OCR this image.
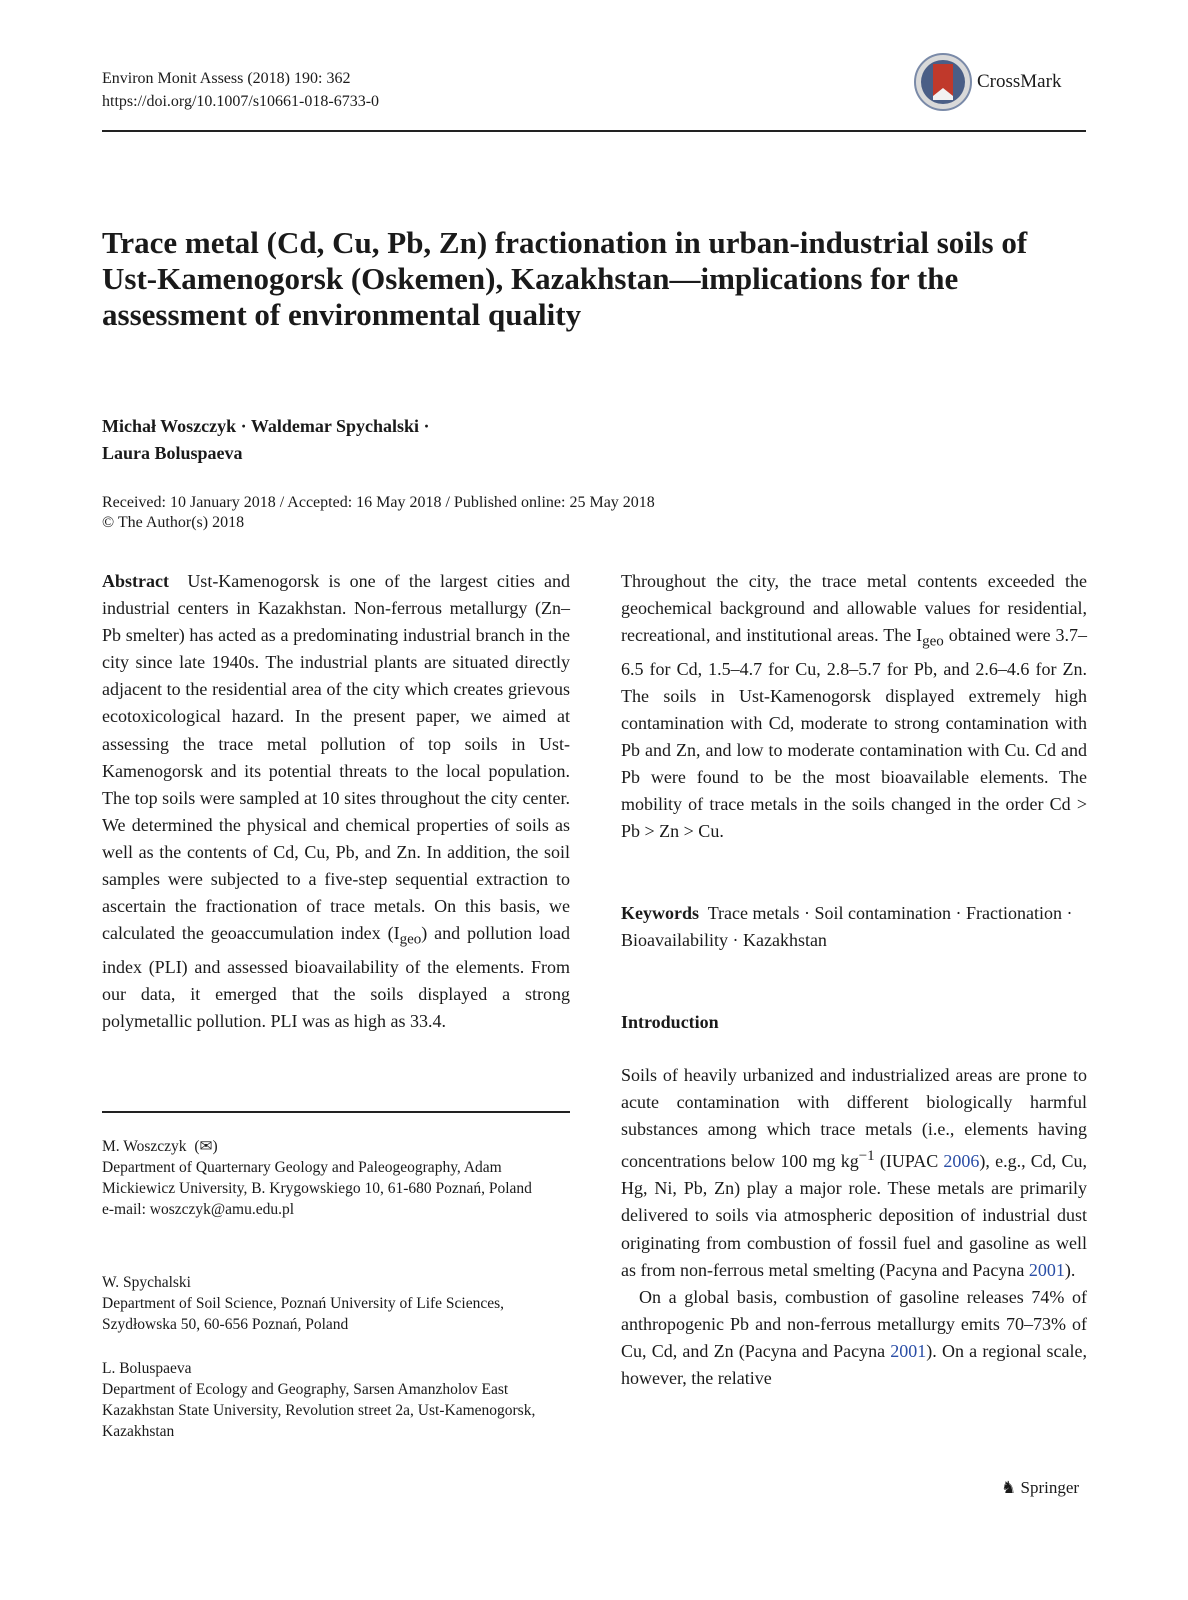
Environ Monit Assess (2018) 190: 362
https://doi.org/10.1007/s10661-018-6733-0
CrossMark
Trace metal (Cd, Cu, Pb, Zn) fractionation in urban-industrial soils of Ust-Kamenogorsk (Oskemen), Kazakhstan—implications for the assessment of environmental quality
Michał Woszczyk · Waldemar Spychalski ·
Laura Boluspaeva
Received: 10 January 2018 / Accepted: 16 May 2018 / Published online: 25 May 2018
© The Author(s) 2018
Abstract Ust-Kamenogorsk is one of the largest cities and industrial centers in Kazakhstan. Non-ferrous metallurgy (Zn–Pb smelter) has acted as a predominating industrial branch in the city since late 1940s. The industrial plants are situated directly adjacent to the residential area of the city which creates grievous ecotoxicological hazard. In the present paper, we aimed at assessing the trace metal pollution of top soils in Ust-Kamenogorsk and its potential threats to the local population. The top soils were sampled at 10 sites throughout the city center. We determined the physical and chemical properties of soils as well as the contents of Cd, Cu, Pb, and Zn. In addition, the soil samples were subjected to a five-step sequential extraction to ascertain the fractionation of trace metals. On this basis, we calculated the geoaccumulation index $(I_{geo})$ and pollution load index (PLI) and assessed bioavailability of the elements. From our data, it emerged that the soils displayed a strong polymetallic pollution. PLI was as high as 33.4.
Throughout the city, the trace metal contents exceeded the geochemical background and allowable values for residential, recreational, and institutional areas. The $I_{geo}$ obtained were 3.7–6.5 for Cd, 1.5–4.7 for Cu, 2.8–5.7 for Pb, and 2.6–4.6 for Zn. The soils in Ust-Kamenogorsk displayed extremely high contamination with Cd, moderate to strong contamination with Pb and Zn, and low to moderate contamination with Cu. Cd and Pb were found to be the most bioavailable elements. The mobility of trace metals in the soils changed in the order Cd > Pb > Zn > Cu.
Keywords Trace metals · Soil contamination · Fractionation · Bioavailability · Kazakhstan
Introduction
Soils of heavily urbanized and industrialized areas are prone to acute contamination with different biologically harmful substances among which trace metals (i.e., elements having concentrations below 100 mg $kg^{-1}$ (IUPAC 2006), e.g., Cd, Cu, Hg, Ni, Pb, Zn) play a major role. These metals are primarily delivered to soils via atmospheric deposition of industrial dust originating from combustion of fossil fuel and gasoline as well as from non-ferrous metal smelting (Pacyna and Pacyna 2001).
On a global basis, combustion of gasoline releases 74% of anthropogenic Pb and non-ferrous metallurgy emits 70–73% of Cu, Cd, and Zn (Pacyna and Pacyna 2001). On a regional scale, however, the relative
M. Woszczyk (✉)
Department of Quarternary Geology and Paleogeography, Adam Mickiewicz University, B. Krygowskiego 10, 61-680 Poznań, Poland
e-mail: woszczyk@amu.edu.pl
W. Spychalski
Department of Soil Science, Poznań University of Life Sciences, Szydłowska 50, 60-656 Poznań, Poland
L. Boluspaeva
Department of Ecology and Geography, Sarsen Amanzholov East Kazakhstan State University, Revolution street 2a, Ust-Kamenogorsk, Kazakhstan
♞ Springer
